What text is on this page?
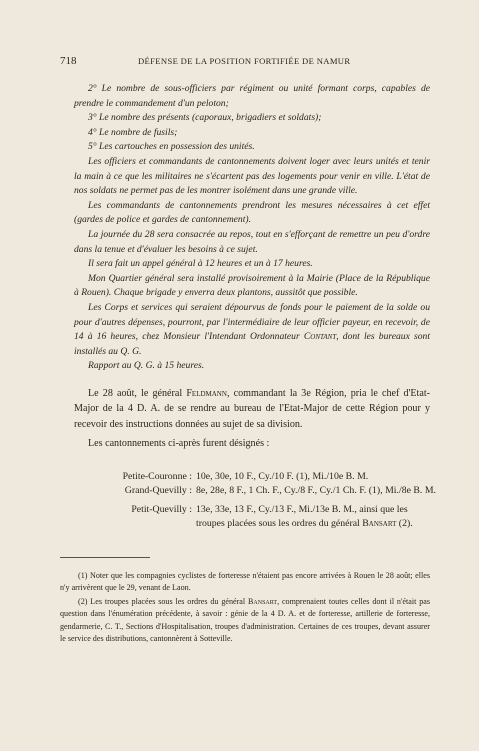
718	DÉFENSE DE LA POSITION FORTIFIÉE DE NAMUR

2° Le nombre de sous-officiers par régiment ou unité formant corps, capables de prendre le commandement d'un peloton;

3° Le nombre des présents (caporaux, brigadiers et soldats);

4° Le nombre de fusils;

5° Les cartouches en possession des unités.

Les officiers et commandants de cantonnements doivent loger avec leurs unités et tenir la main à ce que les militaires ne s'écartent pas des logements pour venir en ville. L'état de nos soldats ne permet pas de les montrer isolément dans une grande ville.

Les commandants de cantonnements prendront les mesures nécessaires à cet effet (gardes de police et gardes de cantonnement).

La journée du 28 sera consacrée au repos, tout en s'efforçant de remettre un peu d'ordre dans la tenue et d'évaluer les besoins à ce sujet.

Il sera fait un appel général à 12 heures et un à 17 heures.

Mon Quartier général sera installé provisoirement à la Mairie (Place de la République à Rouen). Chaque brigade y enverra deux plantons, aussitôt que possible.

Les Corps et services qui seraient dépourvus de fonds pour le paiement de la solde ou pour d'autres dépenses, pourront, par l'intermédiaire de leur officier payeur, en recevoir, de 14 à 16 heures, chez Monsieur l'Intendant Ordonnateur Contant, dont les bureaux sont installés au Q. G.

Rapport au Q. G. à 15 heures.

Le 28 août, le général Feldmann, commandant la 3e Région, pria le chef d'Etat-Major de la 4 D. A. de se rendre au bureau de l'Etat-Major de cette Région pour y recevoir des instructions données au sujet de sa division.

Les cantonnements ci-après furent désignés :

Petite-Couronne : 10e, 30e, 10 F., Cy./10 F. (1), Mi./10e B. M.
Grand-Quevilly : 8e, 28e, 8 F., 1 Ch. F., Cy./8 F., Cy./1 Ch. F. (1), Mi./8e B. M.
Petit-Quevilly : 13e, 33e, 13 F., Cy./13 F., Mi./13e B. M., ainsi que les troupes placées sous les ordres du général Bansart (2).

(1) Noter que les compagnies cyclistes de forteresse n'étaient pas encore arrivées à Rouen le 28 août; elles n'y arrivèrent que le 29, venant de Laon.

(2) Les troupes placées sous les ordres du général Bansart, comprenaient toutes celles dont il n'était pas question dans l'énumération précédente, à savoir : génie de la 4 D. A. et de forteresse, artillerie de forteresse, gendarmerie, C. T., Sections d'Hospitalisation, troupes d'administration. Certaines de ces troupes, devant assurer le service des distributions, cantonnèrent à Sotteville.
